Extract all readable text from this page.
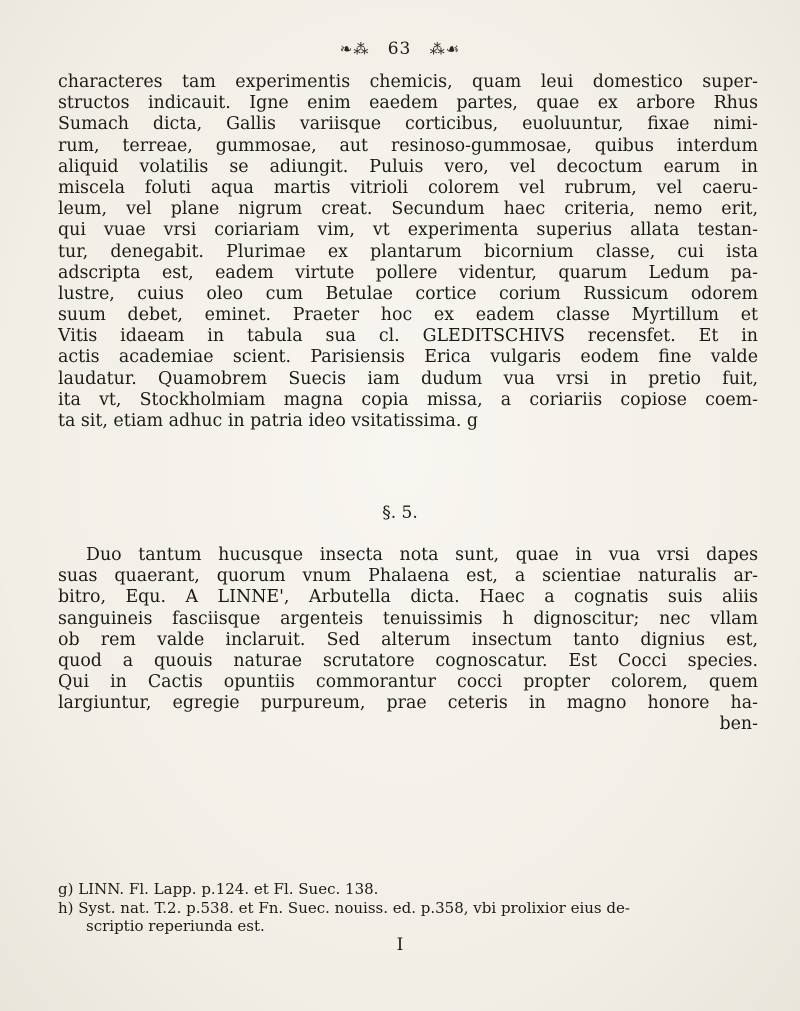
❧⁂ 63 ⁂☙
characteres tam experimentis chemicis, quam leui domestico super-
structos indicauit. Igne enim eaedem partes, quae ex arbore Rhus
Sumach dicta, Gallis variisque corticibus, euoluuntur, fixae nimi-
rum, terreae, gummosae, aut resinoso-gummosae, quibus interdum
aliquid volatilis se adiungit. Puluis vero, vel decoctum earum in
miscela foluti aqua martis vitrioli colorem vel rubrum, vel caeru-
leum, vel plane nigrum creat. Secundum haec criteria, nemo erit,
qui vuae vrsi coriariam vim, vt experimenta superius allata testan-
tur, denegabit. Plurimae ex plantarum bicornium classe, cui ista
adscripta est, eadem virtute pollere videntur, quarum Ledum pa-
lustre, cuius oleo cum Betulae cortice corium Russicum odorem
suum debet, eminet. Praeter hoc ex eadem classe Myrtillum et
Vitis idaeam in tabula sua cl. GLEDITSCHIVS recensfet. Et in
actis academiae scient. Parisiensis Erica vulgaris eodem fine valde
laudatur. Quamobrem Suecis iam dudum vua vrsi in pretio fuit,
ita vt, Stockholmiam magna copia missa, a coriariis copiose coem-
ta sit, etiam adhuc in patria ideo vsitatissima. g
§. 5.
Duo tantum hucusque insecta nota sunt, quae in vua vrsi dapes
suas quaerant, quorum vnum Phalaena est, a scientiae naturalis ar-
bitro, Equ. A LINNE', Arbutella dicta. Haec a cognatis suis aliis
sanguineis fasciisque argenteis tenuissimis h dignoscitur; nec vllam
ob rem valde inclaruit. Sed alterum insectum tanto dignius est,
quod a quouis naturae scrutatore cognoscatur. Est Cocci species.
Qui in Cactis opuntiis commorantur cocci propter colorem, quem
largiuntur, egregie purpureum, prae ceteris in magno honore ha-
ben-
g) LINN. Fl. Lapp. p.124. et Fl. Suec. 138.
h) Syst. nat. T.2. p.538. et Fn. Suec. nouiss. ed. p.358, vbi prolixior eius de-
scriptio reperiunda est.
I
